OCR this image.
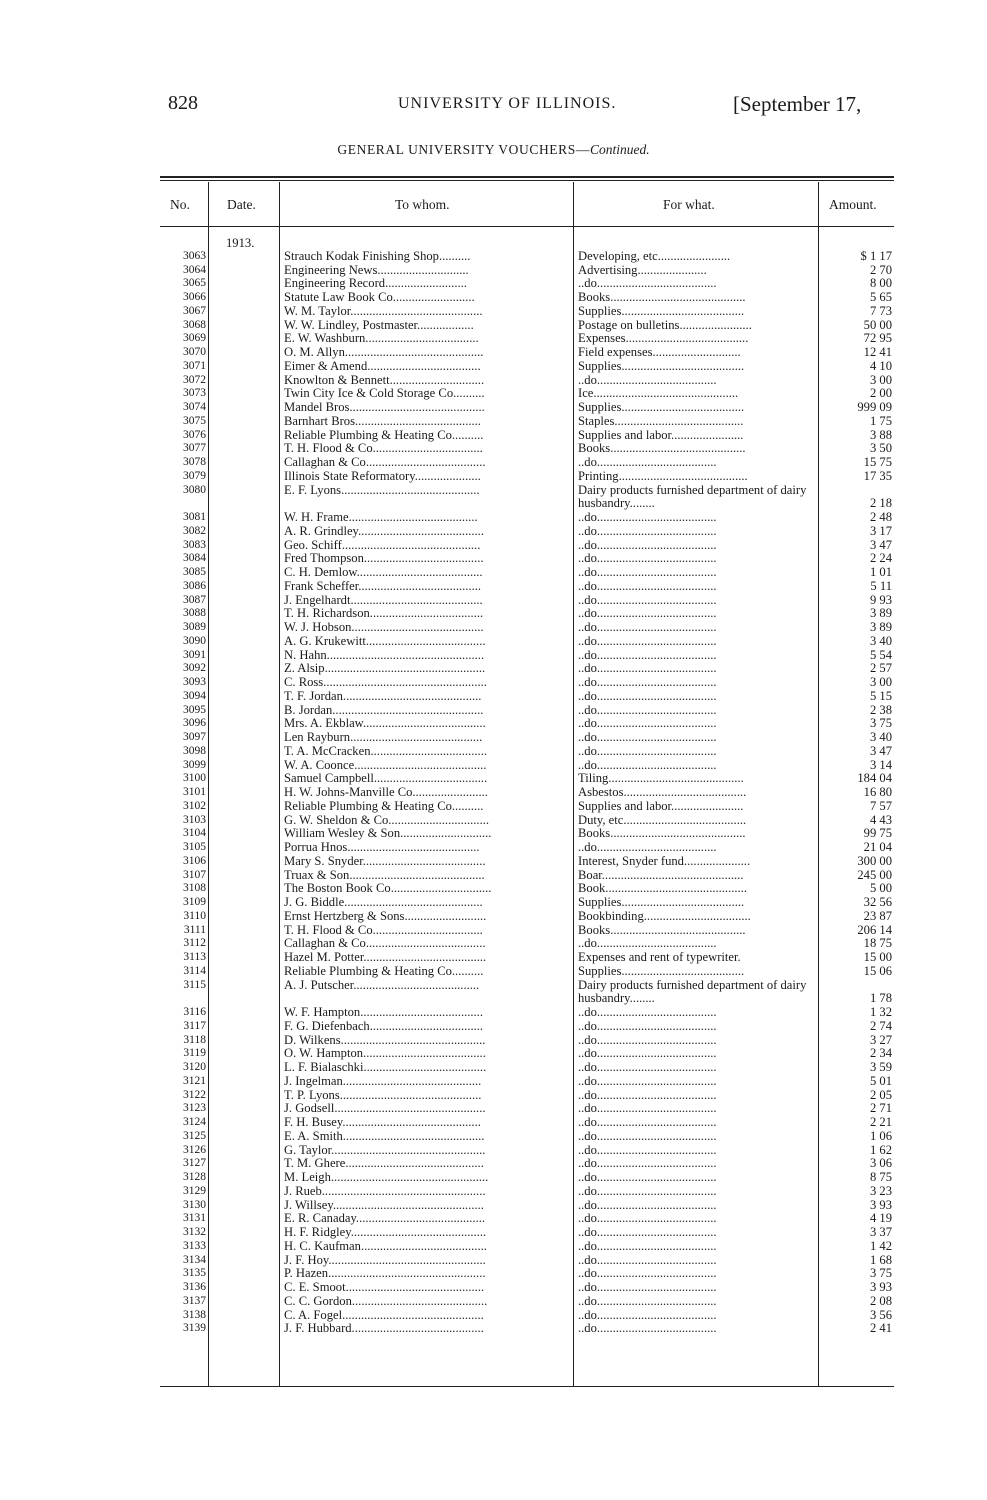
828	UNIVERSITY OF ILLINOIS.	[September 17,
GENERAL UNIVERSITY VOUCHERS—Continued.
No.	Date.	To whom.	For what.	Amount.
1913.
3063	Strauch Kodak Finishing Shop..........	Developing, etc.......................	$ 1 17
3064	Engineering News.............................	Advertising......................	2 70
3065	Engineering Record..........................	..do......................................	8 00
3066	Statute Law Book Co..........................	Books...........................................	5 65
3067	W. M. Taylor..........................................	Supplies.......................................	7 73
3068	W. W. Lindley, Postmaster..................	Postage on bulletins.......................	50 00
3069	E. W. Washburn....................................	Expenses.......................................	72 95
3070	O. M. Allyn............................................	Field expenses............................	12 41
3071	Eimer & Amend....................................	Supplies.......................................	4 10
3072	Knowlton & Bennett..............................	..do......................................	3 00
3073	Twin City Ice & Cold Storage Co..........	Ice..............................................	2 00
3074	Mandel Bros...........................................	Supplies.......................................	999 09
3075	Barnhart Bros........................................	Staples.........................................	1 75
3076	Reliable Plumbing & Heating Co..........	Supplies and labor.......................	3 88
3077	T. H. Flood & Co...................................	Books...........................................	3 50
3078	Callaghan & Co......................................	..do......................................	15 75
3079	Illinois State Reformatory.....................	Printing.........................................	17 35
3080	E. F. Lyons............................................	Dairy products furnished department of dairy husbandry........	2 18
3081	W. H. Frame.........................................	..do......................................	2 48
3082	A. R. Grindley........................................	..do......................................	3 17
3083	Geo. Schiff............................................	..do......................................	3 47
3084	Fred Thompson......................................	..do......................................	2 24
3085	C. H. Demlow........................................	..do......................................	1 01
3086	Frank Scheffer.......................................	..do......................................	5 11
3087	J. Engelhardt..........................................	..do......................................	9 93
3088	T. H. Richardson....................................	..do......................................	3 89
3089	W. J. Hobson..........................................	..do......................................	3 89
3090	A. G. Krukewitt......................................	..do......................................	3 40
3091	N. Hahn..................................................	..do......................................	5 54
3092	Z. Alsip...................................................	..do......................................	2 57
3093	C. Ross....................................................	..do......................................	3 00
3094	T. F. Jordan............................................	..do......................................	5 15
3095	B. Jordan................................................	..do......................................	2 38
3096	Mrs. A. Ekblaw.......................................	..do......................................	3 75
3097	Len Rayburn..........................................	..do......................................	3 40
3098	T. A. McCracken.....................................	..do......................................	3 47
3099	W. A. Coonce..........................................	..do......................................	3 14
3100	Samuel Campbell....................................	Tiling...........................................	184 04
3101	H. W. Johns-Manville Co........................	Asbestos.......................................	16 80
3102	Reliable Plumbing & Heating Co..........	Supplies and labor.......................	7 57
3103	G. W. Sheldon & Co................................	Duty, etc.......................................	4 43
3104	William Wesley & Son.............................	Books...........................................	99 75
3105	Porrua Hnos..........................................	..do......................................	21 04
3106	Mary S. Snyder.......................................	Interest, Snyder fund.....................	300 00
3107	Truax & Son...........................................	Boar.............................................	245 00
3108	The Boston Book Co................................	Book.............................................	5 00
3109	J. G. Biddle............................................	Supplies.......................................	32 56
3110	Ernst Hertzberg & Sons..........................	Bookbinding..................................	23 87
3111	T. H. Flood & Co...................................	Books...........................................	206 14
3112	Callaghan & Co......................................	..do......................................	18 75
3113	Hazel M. Potter.......................................	Expenses and rent of typewriter.	15 00
3114	Reliable Plumbing & Heating Co..........	Supplies.......................................	15 06
3115	A. J. Putscher........................................	Dairy products furnished department of dairy husbandry........	1 78
3116	W. F. Hampton.......................................	..do......................................	1 32
3117	F. G. Diefenbach....................................	..do......................................	2 74
3118	D. Wilkens..............................................	..do......................................	3 27
3119	O. W. Hampton.......................................	..do......................................	2 34
3120	L. F. Bialaschki.......................................	..do......................................	3 59
3121	J. Ingelman............................................	..do......................................	5 01
3122	T. P. Lyons.............................................	..do......................................	2 05
3123	J. Godsell................................................	..do......................................	2 71
3124	F. H. Busey............................................	..do......................................	2 21
3125	E. A. Smith.............................................	..do......................................	1 06
3126	G. Taylor.................................................	..do......................................	1 62
3127	T. M. Ghere............................................	..do......................................	3 06
3128	M. Leigh..................................................	..do......................................	8 75
3129	J. Rueb....................................................	..do......................................	3 23
3130	J. Willsey................................................	..do......................................	3 93
3131	E. R. Canaday.........................................	..do......................................	4 19
3132	H. F. Ridgley...........................................	..do......................................	3 37
3133	H. C. Kaufman........................................	..do......................................	1 42
3134	J. F. Hoy..................................................	..do......................................	1 68
3135	P. Hazen..................................................	..do......................................	3 75
3136	C. E. Smoot............................................	..do......................................	3 93
3137	C. C. Gordon...........................................	..do......................................	2 08
3138	C. A. Fogel.............................................	..do......................................	3 56
3139	J. F. Hubbard..........................................	..do......................................	2 41
